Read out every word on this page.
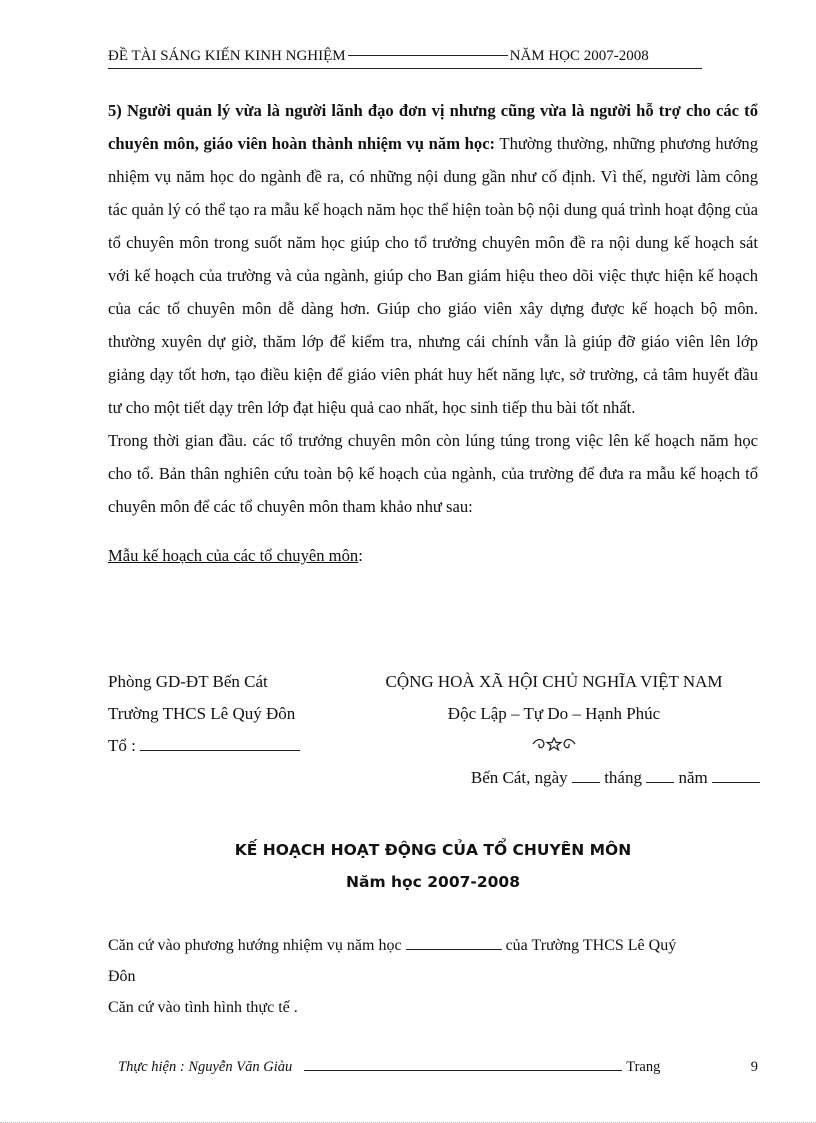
ĐỀ TÀI SÁNG KIẾN KINH NGHIỆM	NĂM HỌC 2007-2008

5) Người quản lý vừa là người lãnh đạo đơn vị nhưng cũng vừa là người hỗ trợ cho các tổ chuyên môn, giáo viên hoàn thành nhiệm vụ năm học: Thường thường, những phương hướng nhiệm vụ năm học do ngành đề ra, có những nội dung gần như cố định. Vì thế, người làm công tác quản lý có thể tạo ra mẫu kế hoạch năm học thể hiện toàn bộ nội dung quá trình hoạt động của tổ chuyên môn trong suốt năm học giúp cho tổ trưởng chuyên môn đề ra nội dung kế hoạch sát với kế hoạch của trường và của ngành, giúp cho Ban giám hiệu theo dõi việc thực hiện kế hoạch của các tổ chuyên môn dễ dàng hơn. Giúp cho giáo viên xây dựng được kế hoạch bộ môn. thường xuyên dự giờ, thăm lớp để kiểm tra, nhưng cái chính vẫn là giúp đỡ giáo viên lên lớp giảng dạy tốt hơn, tạo điều kiện để giáo viên phát huy hết năng lực, sở trường, cả tâm huyết đầu tư cho một tiết dạy trên lớp đạt hiệu quả cao nhất, học sinh tiếp thu bài tốt nhất.

Trong thời gian đầu. các tổ trưởng chuyên môn còn lúng túng trong việc lên kế hoạch năm học cho tổ. Bản thân nghiên cứu toàn bộ kế hoạch của ngành, của trường để đưa ra mẫu kế hoạch tổ chuyên môn để các tổ chuyên môn tham khảo như sau:

Mẫu kế hoạch của các tổ chuyên môn:

Phòng GD-ĐT Bến Cát	CỘNG HOÀ XÃ HỘI CHỦ NGHĨA VIỆT NAM
Trường THCS Lê Quý Đôn	Độc Lập – Tự Do – Hạnh Phúc
Tổ :
Bến Cát, ngày tháng năm
KẾ HOẠCH HOẠT ĐỘNG CỦA TỔ CHUYÊN MÔN
Năm học 2007-2008

Căn cứ vào phương hướng nhiệm vụ năm học	của Trường THCS Lê Quý
Đôn

Căn cứ vào tình hình thực tế .

Thực hiện : Nguyễn Văn Giàu	Trang	9
